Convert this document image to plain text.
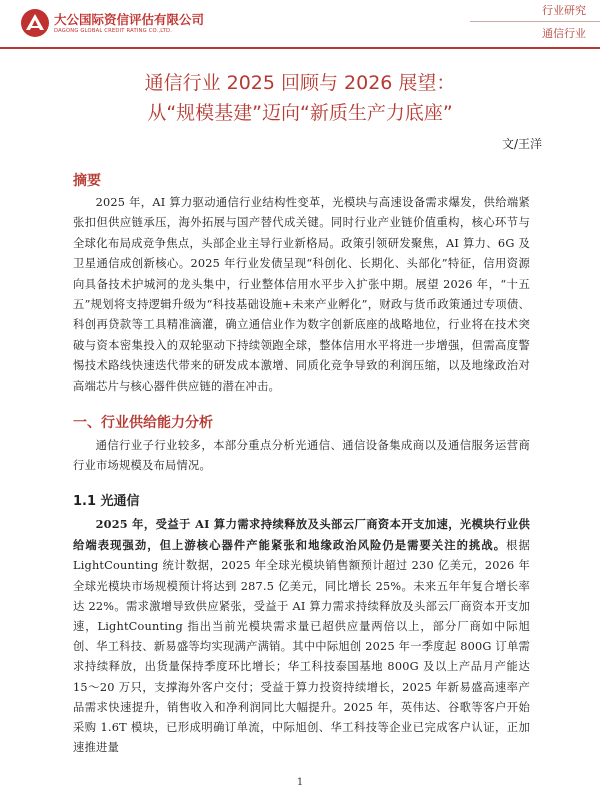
大公国际资信评估有限公司
DAGONG GLOBAL CREDIT RATING CO.,LTD.
行业研究
通信行业
通信行业 2025 回顾与 2026 展望：
从“规模基建”迈向“新质生产力底座”
文/王洋
摘要
2025 年，AI 算力驱动通信行业结构性变革，光模块与高速设备需求爆发，供给端紧张扣但供应链承压，海外拓展与国产替代成关键。同时行业产业链价值重构，核心环节与全球化布局成竞争焦点，头部企业主导行业新格局。政策引领研发聚焦，AI 算力、6G 及卫星通信成创新核心。2025 年行业发债呈现“科创化、长期化、头部化”特征，信用资源向具备技术护城河的龙头集中，行业整体信用水平步入扩张中期。展望 2026 年，“十五五”规划将支持逻辑升级为“科技基础设施+未来产业孵化”，财政与货币政策通过专项债、科创再贷款等工具精准滴灌，确立通信业作为数字创新底座的战略地位，行业将在技术突破与资本密集投入的双轮驱动下持续领跑全球，整体信用水平将进一步增强，但需高度警惕技术路线快速迭代带来的研发成本激增、同质化竞争导致的利润压缩，以及地缘政治对高端芯片与核心器件供应链的潜在冲击。
一、行业供给能力分析
通信行业子行业较多，本部分重点分析光通信、通信设备集成商以及通信服务运营商行业市场规模及布局情况。
1.1 光通信
2025 年，受益于 AI 算力需求持续释放及头部云厂商资本开支加速，光模块行业供给端表现强劲，但上游核心器件产能紧张和地缘政治风险仍是需要关注的挑战。根据 LightCounting 统计数据，2025 年全球光模块销售额预计超过 230 亿美元，2026 年全球光模块市场规模预计将达到 287.5 亿美元，同比增长 25%。未来五年年复合增长率达 22%。需求激增导致供应紧张，受益于 AI 算力需求持续释放及头部云厂商资本开支加速，LightCounting 指出当前光模块需求量已超供应量两倍以上，部分厂商如中际旭创、华工科技、新易盛等均实现满产满销。其中中际旭创 2025 年一季度起 800G 订单需求持续释放，出货量保持季度环比增长；华工科技泰国基地 800G 及以上产品月产能达 15～20 万只，支撑海外客户交付；受益于算力投资持续增长，2025 年新易盛高速率产品需求快速提升，销售收入和净利润同比大幅提升。2025 年，英伟达、谷歌等客户开始采购 1.6T 模块，已形成明确订单流，中际旭创、华工科技等企业已完成客户认证，正加速推进量
1
